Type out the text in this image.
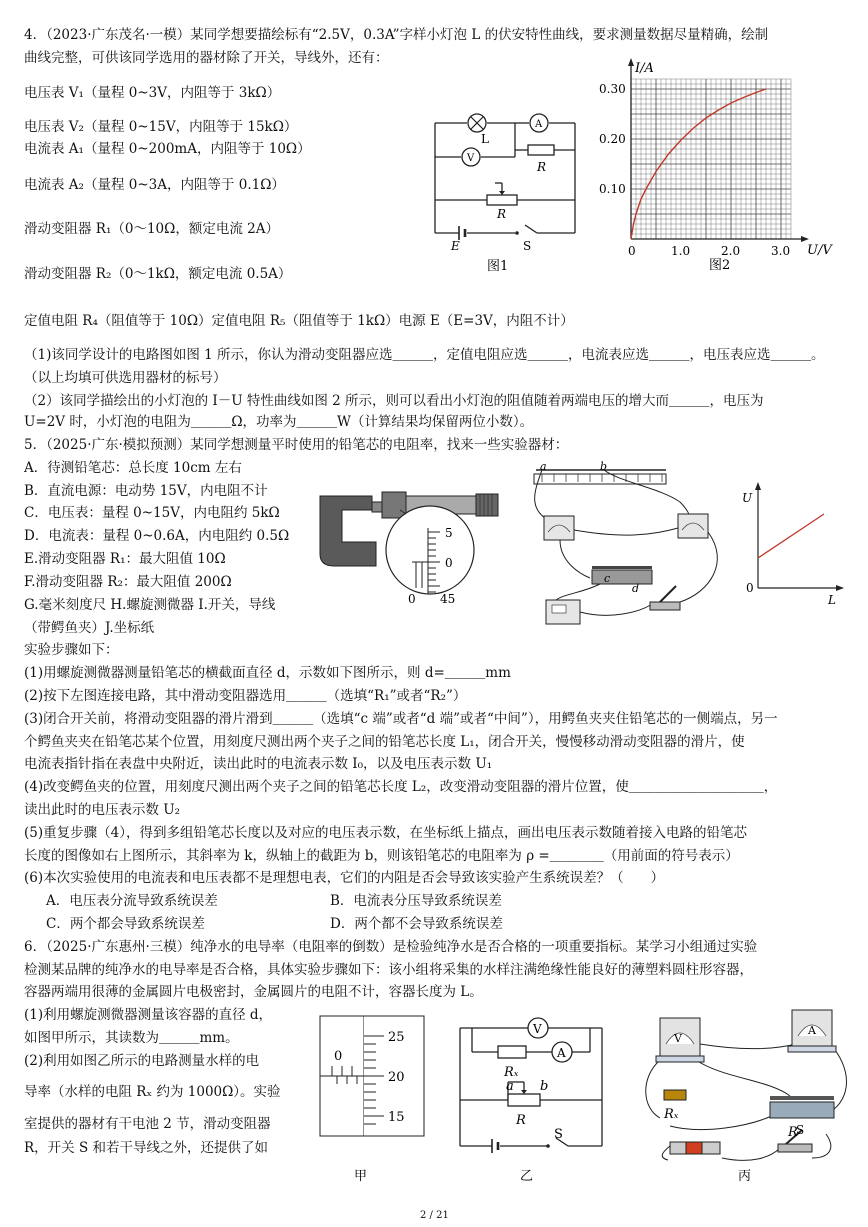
4．（2023·广东茂名·一模）某同学想要描绘标有“2.5V，0.3A”字样小灯泡 L 的伏安特性曲线，要求测量数据尽量精确，绘制
曲线完整，可供该同学选用的器材除了开关，导线外，还有：
电压表 V₁（量程 0~3V，内阻等于 3kΩ）
电压表 V₂（量程 0~15V，内阻等于 15kΩ）
电流表 A₁（量程 0~200mA，内阻等于 10Ω）
电流表 A₂（量程 0~3A，内阻等于 0.1Ω）
滑动变阻器 R₁（0～10Ω，额定电流 2A）
滑动变阻器 R₂（0～1kΩ，额定电流 0.5A）
定值电阻 R₄（阻值等于 10Ω）定值电阻 R₅（阻值等于 1kΩ）电源 E（E=3V，内阻不计）
L
V
A
R
R
E	S
图1
0	1.0	2.0	3.0
0.10
0.20
0.30
I/A
U/V
图2
（1)该同学设计的电路图如图 1 所示，你认为滑动变阻器应选＿＿＿，定值电阻应选＿＿＿，电流表应选＿＿＿，电压表应选＿＿＿。
（以上均填可供选用器材的标号）
（2）该同学描绘出的小灯泡的 I－U 特性曲线如图 2 所示，则可以看出小灯泡的阻值随着两端电压的增大而＿＿＿，电压为
U=2V 时，小灯泡的电阻为＿＿＿Ω，功率为＿＿＿W（计算结果均保留两位小数）。
5．（2025·广东·模拟预测）某同学想测量平时使用的铅笔芯的电阻率，找来一些实验器材：
A．待测铅笔芯：总长度 10cm 左右
B．直流电源：电动势 15V，内电阻不计
C．电压表：量程 0~15V，内电阻约 5kΩ
D．电流表：量程 0~0.6A，内电阻约 0.5Ω
E.滑动变阻器 R₁：最大阻值 10Ω
F.滑动变阻器 R₂：最大阻值 200Ω
G.毫米刻度尺 H.螺旋测微器 I.开关，导线
（带鳄鱼夹）J.坐标纸
实验步骤如下：
5
0
45
0
a	b
c
d
U
L
0
(1)用螺旋测微器测量铅笔芯的横截面直径 d，示数如下图所示，则 d=＿＿＿mm
(2)按下左图连接电路，其中滑动变阻器选用＿＿＿（选填“R₁”或者“R₂”）
(3)闭合开关前，将滑动变阻器的滑片滑到＿＿＿（选填“c 端”或者“d 端”或者“中间”），用鳄鱼夹夹住铅笔芯的一侧端点，另一
个鳄鱼夹夹在铅笔芯某个位置，用刻度尺测出两个夹子之间的铅笔芯长度 L₁，闭合开关，慢慢移动滑动变阻器的滑片，使
电流表指针指在表盘中央附近，读出此时的电流表示数 I₀，以及电压表示数 U₁
(4)改变鳄鱼夹的位置，用刻度尺测出两个夹子之间的铅笔芯长度 L₂，改变滑动变阻器的滑片位置，使＿＿＿＿＿＿＿＿＿＿，
读出此时的电压表示数 U₂
(5)重复步骤（4），得到多组铅笔芯长度以及对应的电压表示数，在坐标纸上描点，画出电压表示数随着接入电路的铅笔芯
长度的图像如右上图所示，其斜率为 k，纵轴上的截距为 b，则该铅笔芯的电阻率为 ρ =＿＿＿＿（用前面的符号表示）
(6)本次实验使用的电流表和电压表都不是理想电表，它们的内阻是否会导致该实验产生系统误差？（　　）
A．电压表分流导致系统误差	B．电流表分压导致系统误差
C．两个都会导致系统误差	D．两个都不会导致系统误差
6．（2025·广东惠州·三模）纯净水的电导率（电阻率的倒数）是检验纯净水是否合格的一项重要指标。某学习小组通过实验
检测某品牌的纯净水的电导率是否合格，具体实验步骤如下：该小组将采集的水样注满绝缘性能良好的薄塑料圆柱形容器，
容器两端用很薄的金属圆片电极密封，金属圆片的电阻不计，容器长度为 L。
(1)利用螺旋测微器测量该容器的直径 d，
如图甲所示，其读数为＿＿＿mm。
(2)利用如图乙所示的电路测量水样的电
导率（水样的电阻 Rₓ 约为 1000Ω）。实验
室提供的器材有干电池 2 节，滑动变阻器
R，开关 S 和若干导线之外，还提供了如
25
20
15
0
甲
V
A
Rₓ
a b
R
S
乙
V
A
Rₓ
R
S
丙
2 / 21
